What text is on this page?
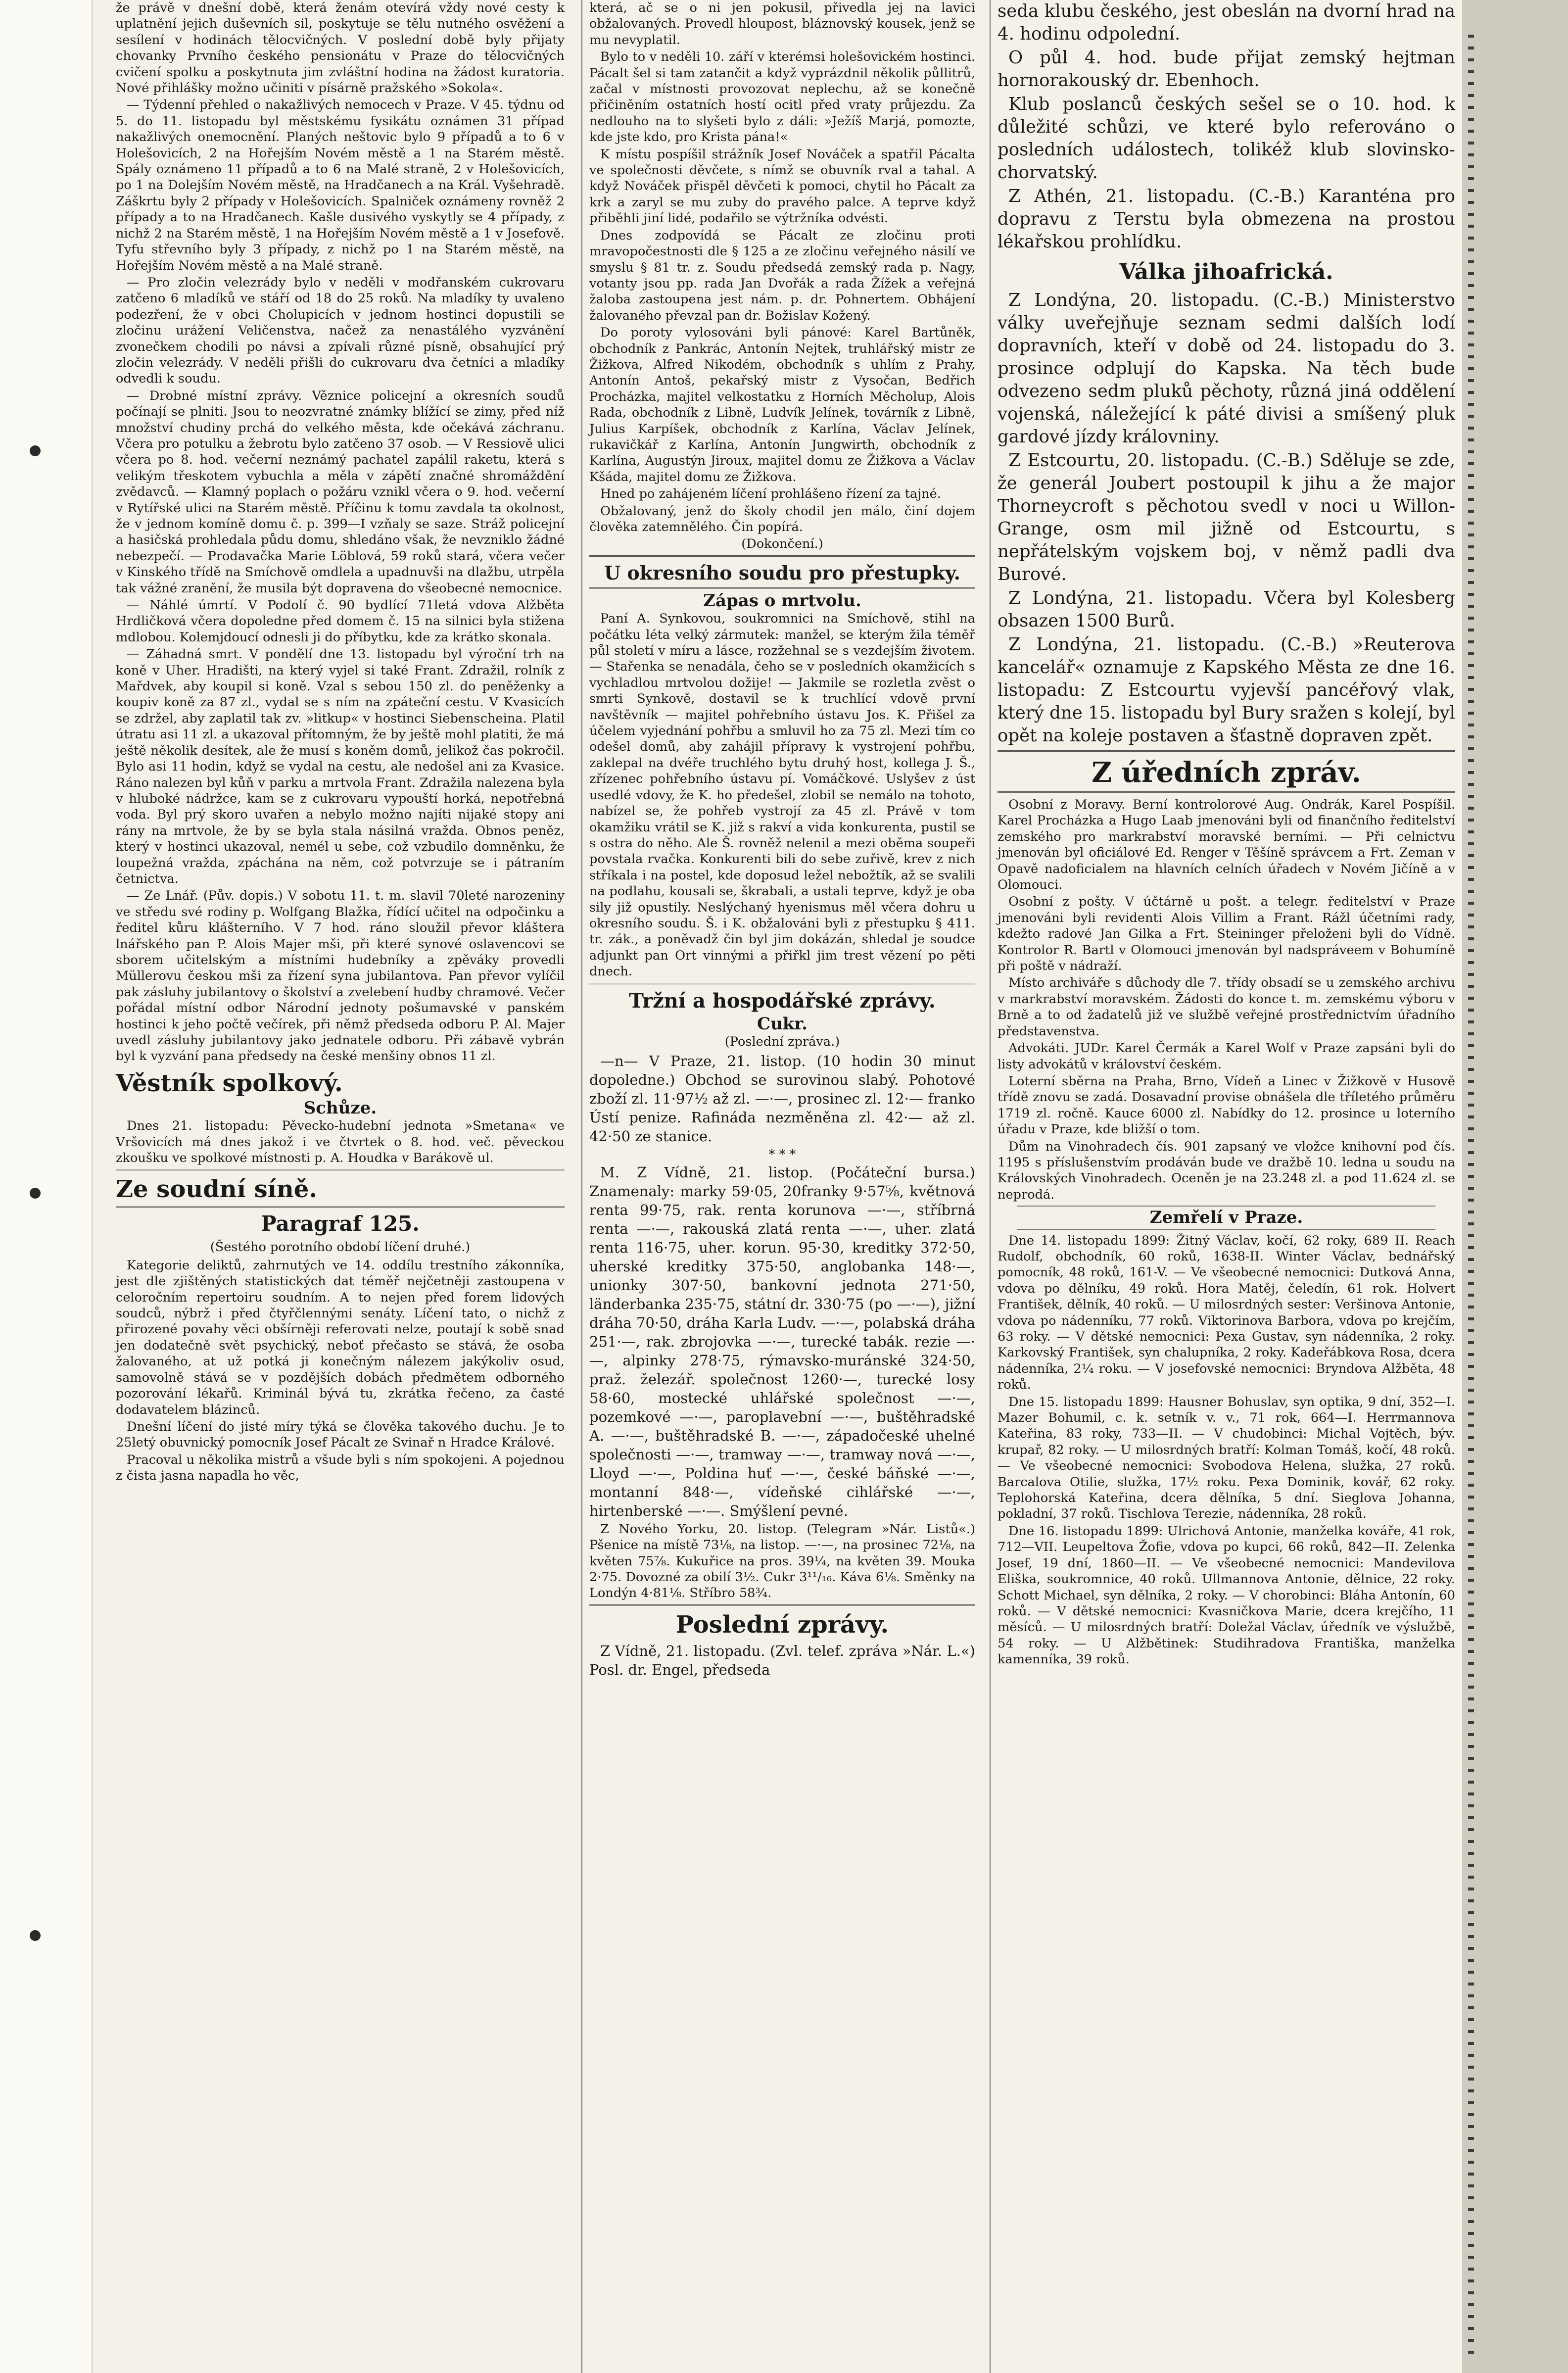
že právě v dnešní době, která ženám otevírá vždy nové cesty k uplatnění jejich duševních sil, poskytuje se tělu nutného osvěžení a sesílení v hodinách tělocvičných. V poslední době byly přijaty chovanky Prvního českého pensionátu v Praze do tělocvičných cvičení spolku a poskytnuta jim zvláštní hodina na žádost kuratoria. Nové přihlášky možno učiniti v písárně pražského »Sokola«.

— Týdenní přehled o nakažlivých nemocech v Praze. V 45. týdnu od 5. do 11. listopadu byl městskému fysikátu oznámen 31 případ nakažlivých onemocnění. Planých neštovic bylo 9 případů a to 6 v Holešovicích, 2 na Hořejším Novém městě a 1 na Starém městě. Spály oznámeno 11 případů a to 6 na Malé straně, 2 v Holešovicích, po 1 na Dolejším Novém městě, na Hradčanech a na Král. Vyšehradě. Záškrtu byly 2 případy v Holešovicích. Spalniček oznámeny rovněž 2 případy a to na Hradčanech. Kašle dusivého vyskytly se 4 případy, z nichž 2 na Starém městě, 1 na Hořejším Novém městě a 1 v Josefově. Tyfu střevního byly 3 případy, z nichž po 1 na Starém městě, na Hořejším Novém městě a na Malé straně.

— Pro zločin velezrády bylo v neděli v modřanském cukrovaru zatčeno 6 mladíků ve stáří od 18 do 25 roků. Na mladíky ty uvaleno podezření, že v obci Cholupicích v jednom hostinci dopustili se zločinu urážení Veličenstva, načež za nenastálého vyzvánění zvonečkem chodili po návsi a zpívali různé písně, obsahující prý zločin velezrády. V neděli přišli do cukrovaru dva četníci a mladíky odvedli k soudu.

— Drobné místní zprávy. Věznice policejní a okresních soudů počínají se plniti. Jsou to neozvratné známky blížící se zimy, před níž množství chudiny prchá do velkého města, kde očekává záchranu. Včera pro potulku a žebrotu bylo zatčeno 37 osob. — V Ressiově ulici včera po 8. hod. večerní neznámý pachatel zapálil raketu, která s velikým třeskotem vybuchla a měla v zápětí značné shromáždění zvědavců. — Klamný poplach o požáru vznikl včera o 9. hod. večerní v Rytířské ulici na Starém městě. Příčinu k tomu zavdala ta okolnost, že v jednom komíně domu č. p. 399—I vzňaly se saze. Stráž policejní a hasičská prohledala půdu domu, shledáno však, že nevzniklo žádné nebezpečí. — Prodavačka Marie Löblová, 59 roků stará, včera večer v Kinského třídě na Smíchově omdlela a upadnuvši na dlažbu, utrpěla tak vážné zranění, že musila být dopravena do všeobecné nemocnice.

— Náhlé úmrtí. V Podolí č. 90 bydlící 71letá vdova Alžběta Hrdličková včera dopoledne před domem č. 15 na silnici byla stižena mdlobou. Kolemjdoucí odnesli ji do příbytku, kde za krátko skonala.

— Záhadná smrt. V pondělí dne 13. listopadu byl výroční trh na koně v Uher. Hradišti, na který vyjel si také Frant. Zdražil, rolník z Mařdvek, aby koupil si koně. Vzal s sebou 150 zl. do peněženky a koupiv koně za 87 zl., vydal se s ním na zpáteční cestu. V Kvasicích se zdržel, aby zaplatil tak zv. »litkup« v hostinci Siebenscheina. Platil útratu asi 11 zl. a ukazoval přítomným, že by ještě mohl platiti, že má ještě několik desítek, ale že musí s koněm domů, jelikož čas pokročil. Bylo asi 11 hodin, když se vydal na cestu, ale nedošel ani za Kvasice. Ráno nalezen byl kůň v parku a mrtvola Frant. Zdražila nalezena byla v hluboké nádržce, kam se z cukrovaru vypouští horká, nepotřebná voda. Byl prý skoro uvařen a nebylo možno najíti nijaké stopy ani rány na mrtvole, že by se byla stala násilná vražda. Obnos peněz, který v hostinci ukazoval, nemél u sebe, což vzbudilo domněnku, že loupežná vražda, zpáchána na něm, což potvrzuje se i pátraním četnictva.

— Ze Lnář. (Pův. dopis.) V sobotu 11. t. m. slavil 70leté narozeniny ve středu své rodiny p. Wolfgang Blažka, řídící učitel na odpočinku a ředitel kůru klášterního. V 7 hod. ráno sloužil převor kláštera lnářského pan P. Alois Majer mši, při které synové oslavencovi se sborem učitelským a místními hudebníky a zpěváky provedli Müllerovu českou mši za řízení syna jubilantova. Pan převor vylíčil pak zásluhy jubilantovy o školství a zvelebení hudby chramové. Večer pořádal místní odbor Národní jednoty pošumavské v panském hostinci k jeho počtě večírek, při němž předseda odboru P. Al. Majer uvedl zásluhy jubilantovy jako jednatele odboru. Při zábavě vybrán byl k vyzvání pana předsedy na české menšiny obnos 11 zl.

Věstník spolkový.
Schůze.

Dnes 21. listopadu: Pěvecko-hudební jednota »Smetana« ve Vršovicích má dnes jakož i ve čtvrtek o 8. hod. več. pěveckou zkoušku ve spolkové místnosti p. A. Houdka v Barákově ul.

Ze soudní síně.
Paragraf 125.
(Šestého porotního období líčení druhé.)

Kategorie deliktů, zahrnutých ve 14. oddílu trestního zákonníka, jest dle zjištěných statistických dat téměř nejčetněji zastoupena v celoročním repertoiru soudním. A to nejen před forem lidových soudců, nýbrž i před čtyřčlennými senáty. Líčení tato, o nichž z přirozené povahy věci obšírněji referovati nelze, poutají k sobě snad jen dodatečně svět psychický, neboť přečasto se stává, že osoba žalovaného, at už potká ji konečným nálezem jakýkoliv osud, samovolně stává se v pozdějších dobách předmětem odborného pozorování lékařů. Kriminál bývá tu, zkrátka řečeno, za časté dodavatelem blázinců.

Dnešní líčení do jisté míry týká se člověka takového duchu. Je to 25letý obuvnický pomocník Josef Pácalt ze Svinař n Hradce Králové.

Pracoval u několika mistrů a všude byli s ním spokojeni. A pojednou z čista jasna napadla ho věc,

která, ač se o ni jen pokusil, přivedla jej na lavici obžalovaných. Provedl hloupost, bláznovský kousek, jenž se mu nevyplatil.

Bylo to v neděli 10. září v kterémsi holešovickém hostinci. Pácalt šel si tam zatančit a když vyprázdnil několik půllitrů, začal v místnosti provozovat neplechu, až se konečně přičiněním ostatních hostí ocitl před vraty průjezdu. Za nedlouho na to slyšeti bylo z dáli: »Ježíš Marjá, pomozte, kde jste kdo, pro Krista pána!«

K místu pospíšil strážník Josef Nováček a spatřil Pácalta ve společnosti děvčete, s nímž se obuvník rval a tahal. A když Nováček přispěl děvčeti k pomoci, chytil ho Pácalt za krk a zaryl se mu zuby do pravého palce. A teprve když přiběhli jiní lidé, podařilo se výtržníka odvésti.

Dnes zodpovídá se Pácalt ze zločinu proti mravopočestnosti dle § 125 a ze zločinu veřejného násilí ve smyslu § 81 tr. z. Soudu předsedá zemský rada p. Nagy, votanty jsou pp. rada Jan Dvořák a rada Žížek a veřejná žaloba zastoupena jest nám. p. dr. Pohnertem. Obhájení žalovaného převzal pan dr. Božislav Kožený.

Do poroty vylosováni byli pánové: Karel Bartůněk, obchodník z Pankrác, Antonín Nejtek, truhlářský mistr ze Žižkova, Alfred Nikodém, obchodník s uhlím z Prahy, Antonín Antoš, pekařský mistr z Vysočan, Bedřich Procházka, majitel velkostatku z Horních Měcholup, Alois Rada, obchodník z Libně, Ludvík Jelínek, továrník z Libně, Julius Karpíšek, obchodník z Karlína, Václav Jelínek, rukavičkář z Karlína, Antonín Jungwirth, obchodník z Karlína, Augustýn Jiroux, majitel domu ze Žižkova a Václav Kšáda, majitel domu ze Žižkova.

Hned po zahájeném líčení prohlášeno řízení za tajné.

Obžalovaný, jenž do školy chodil jen málo, činí dojem člověka zatemnělého. Čin popírá.

(Dokončení.)
U okresního soudu pro přestupky.
Zápas o mrtvolu.

Paní A. Synkovou, soukromnici na Smíchově, stihl na počátku léta velký zármutek: manžel, se kterým žila téměř půl století v míru a lásce, rozžehnal se s vezdejším životem. — Stařenka se nenadála, čeho se v posledních okamžicích s vychladlou mrtvolou dožije! — Jakmile se rozletla zvěst o smrti Synkově, dostavil se k truchlící vdově první navštěvník — majitel pohřebního ústavu Jos. K. Přišel za účelem vyjednání pohřbu a smluvil ho za 75 zl. Mezi tím co odešel domů, aby zahájil přípravy k vystrojení pohřbu, zaklepal na dvéře truchlého bytu druhý host, kollega J. Š., zřízenec pohřebního ústavu pí. Vomáčkové. Uslyšev z úst usedlé vdovy, že K. ho předešel, zlobil se nemálo na tohoto, nabízel se, že pohřeb vystrojí za 45 zl. Právě v tom okamžiku vrátil se K. již s rakví a vida konkurenta, pustil se s ostra do něho. Ale Š. rovněž nelenil a mezi oběma soupeři povstala rvačka. Konkurenti bili do sebe zuřivě, krev z nich stříkala i na postel, kde doposud ležel nebožtík, až se svalili na podlahu, kousali se, škrabali, a ustali teprve, když je oba sily již opustily. Neslýchaný hyenismus měl včera dohru u okresního soudu. Š. i K. obžalováni byli z přestupku § 411. tr. zák., a poněvadž čin byl jim dokázán, shledal je soudce adjunkt pan Ort vinnými a přiřkl jim trest vězení po pěti dnech.

Tržní a hospodářské zprávy.
Cukr.
(Poslední zpráva.)

—n— V Praze, 21. listop. (10 hodin 30 minut dopoledne.) Obchod se surovinou slabý. Pohotové zboží zl. 11·97½ až zl. —·—, prosinec zl. 12·— franko Ústí penize. Rafináda nezměněna zl. 42·— až zl. 42·50 ze stanice.

* * *

M. Z Vídně, 21. listop. (Počáteční bursa.) Znamenaly: marky 59·05, 20franky 9·57⅝, květnová renta 99·75, rak. renta korunova —·—, stříbrná renta —·—, rakouská zlatá renta —·—, uher. zlatá renta 116·75, uher. korun. 95·30, kreditky 372·50, uherské kreditky 375·50, anglobanka 148·—, unionky 307·50, bankovní jednota 271·50, länderbanka 235·75, státní dr. 330·75 (po —·—), jižní dráha 70·50, dráha Karla Ludv. —·—, polabská dráha 251·—, rak. zbrojovka —·—, turecké tabák. rezie —·—, alpinky 278·75, rýmavsko-muránské 324·50, praž. železář. společnost 1260·—, turecké losy 58·60, mostecké uhlářské společnost —·—, pozemkové —·—, paroplavební —·—, buštěhradské A. —·—, buštěhradské B. —·—, západočeské uhelné společnosti —·—, tramway —·—, tramway nová —·—, Lloyd —·—, Poldina huť —·—, české báňské —·—, montanní 848·—, vídeňské cihlářské —·—, hirtenberské —·—. Smýšlení pevné.

Z Nového Yorku, 20. listop. (Telegram »Nár. Listů«.) Pšenice na místě 73⅛, na listop. —·—, na prosinec 72⅛, na květen 75⅞. Kukuřice na pros. 39¼, na květen 39. Mouka 2·75. Dovozné za obilí 3½. Cukr 3¹¹/₁₆. Káva 6⅛. Směnky na Londýn 4·81⅛. Stříbro 58¾.

Poslední zprávy.

Z Vídně, 21. listopadu. (Zvl. telef. zpráva »Nár. L.«) Posl. dr. Engel, předseda

seda klubu českého, jest obeslán na dvorní hrad na 4. hodinu odpolední.

O půl 4. hod. bude přijat zemský hejtman hornorakouský dr. Ebenhoch.

Klub poslanců českých sešel se o 10. hod. k důležité schůzi, ve které bylo referováno o posledních událostech, tolikéž klub slovinsko-chorvatský.

Z Athén, 21. listopadu. (C.-B.) Karanténa pro dopravu z Terstu byla obmezena na prostou lékařskou prohlídku.

Válka jihoafrická.

Z Londýna, 20. listopadu. (C.-B.) Ministerstvo války uveřejňuje seznam sedmi dalších lodí dopravních, kteří v době od 24. listopadu do 3. prosince odplují do Kapska. Na těch bude odvezeno sedm pluků pěchoty, různá jiná oddělení vojenská, náležející k páté divisi a smíšený pluk gardové jízdy královniny.

Z Estcourtu, 20. listopadu. (C.-B.) Sděluje se zde, že generál Joubert postoupil k jihu a že major Thorneycroft s pěchotou svedl v noci u Willon-Grange, osm mil jižně od Estcourtu, s nepřátelským vojskem boj, v němž padli dva Burové.

Z Londýna, 21. listopadu. Včera byl Kolesberg obsazen 1500 Burů.

Z Londýna, 21. listopadu. (C.-B.) »Reuterova kancelář« oznamuje z Kapského Města ze dne 16. listopadu: Z Estcourtu vyjevší pancéřový vlak, který dne 15. listopadu byl Bury sražen s kolejí, byl opět na koleje postaven a šťastně dopraven zpět.

Z úředních zpráv.

Osobní z Moravy. Berní kontrolorové Aug. Ondrák, Karel Pospíšil. Karel Procházka a Hugo Laab jmenováni byli od finančního ředitelství zemského pro markrabství moravské berními. — Při celnictvu jmenován byl oficiálové Ed. Renger v Těšíně správcem a Frt. Zeman v Opavě nadoficialem na hlavních celních úřadech v Novém Jičíně a v Olomouci.

Osobní z pošty. V účtárně u pošt. a telegr. ředitelství v Praze jmenováni byli revidenti Alois Villim a Frant. Rážl účetními rady, kdežto radové Jan Gilka a Frt. Steininger přeloženi byli do Vídně. Kontrolor R. Bartl v Olomouci jmenován byl nadspráveem v Bohumíně při poště v nádraží.

Místo archiváře s důchody dle 7. třídy obsadí se u zemského archivu v markrabství moravském. Žádosti do konce t. m. zemskému výboru v Brně a to od žadatelů již ve službě veřejné prostřednictvím úřadního představenstva.

Advokáti. JUDr. Karel Čermák a Karel Wolf v Praze zapsáni byli do listy advokátů v království českém.

Loterní sběrna na Praha, Brno, Vídeň a Linec v Žižkově v Husově třídě znovu se zadá. Dosavadní provise obnášela dle tříletého průměru 1719 zl. ročně. Kauce 6000 zl. Nabídky do 12. prosince u loterního úřadu v Praze, kde bližší o tom.

Dům na Vinohradech čís. 901 zapsaný ve vložce knihovní pod čís. 1195 s příslušenstvím prodáván bude ve dražbě 10. ledna u soudu na Královských Vinohradech. Oceněn je na 23.248 zl. a pod 11.624 zl. se neprodá.

Zemřelí v Praze.

Dne 14. listopadu 1899: Žitný Václav, kočí, 62 roky, 689 II. Reach Rudolf, obchodník, 60 roků, 1638-II. Winter Václav, bednářský pomocník, 48 roků, 161-V. — Ve všeobecné nemocnici: Dutková Anna, vdova po dělníku, 49 roků. Hora Matěj, čeledín, 61 rok. Holvert František, dělník, 40 roků. — U milosrdných sester: Veršinova Antonie, vdova po nádenníku, 77 roků. Viktorinova Barbora, vdova po krejčím, 63 roky. — V dětské nemocnici: Pexa Gustav, syn nádenníka, 2 roky. Karkovský František, syn chalupníka, 2 roky. Kadeřábkova Rosa, dcera nádenníka, 2¼ roku. — V josefovské nemocnici: Bryndova Alžběta, 48 roků.

Dne 15. listopadu 1899: Hausner Bohuslav, syn optika, 9 dní, 352—I. Mazer Bohumil, c. k. setník v. v., 71 rok, 664—I. Herrmannova Kateřina, 83 roky, 733—II. — V chudobinci: Michal Vojtěch, býv. krupař, 82 roky. — U milosrdných bratří: Kolman Tomáš, kočí, 48 roků. — Ve všeobecné nemocnici: Svobodova Helena, služka, 27 roků. Barcalova Otilie, služka, 17½ roku. Pexa Dominik, kovář, 62 roky. Teplohorská Kateřina, dcera dělníka, 5 dní. Sieglova Johanna, pokladní, 37 roků. Tischlova Terezie, nádenníka, 28 roků.

Dne 16. listopadu 1899: Ulrichová Antonie, manželka kováře, 41 rok, 712—VII. Leupeltova Žofie, vdova po kupci, 66 roků, 842—II. Zelenka Josef, 19 dní, 1860—II. — Ve všeobecné nemocnici: Mandevilova Eliška, soukromnice, 40 roků. Ullmannova Antonie, dělnice, 22 roky. Schott Michael, syn dělníka, 2 roky. — V chorobinci: Bláha Antonín, 60 roků. — V dětské nemocnici: Kvasničkova Marie, dcera krejčího, 11 měsíců. — U milosrdných bratří: Doležal Václav, úředník ve výslužbě, 54 roky. — U Alžbětinek: Studihradova Františka, manželka kamenníka, 39 roků.
